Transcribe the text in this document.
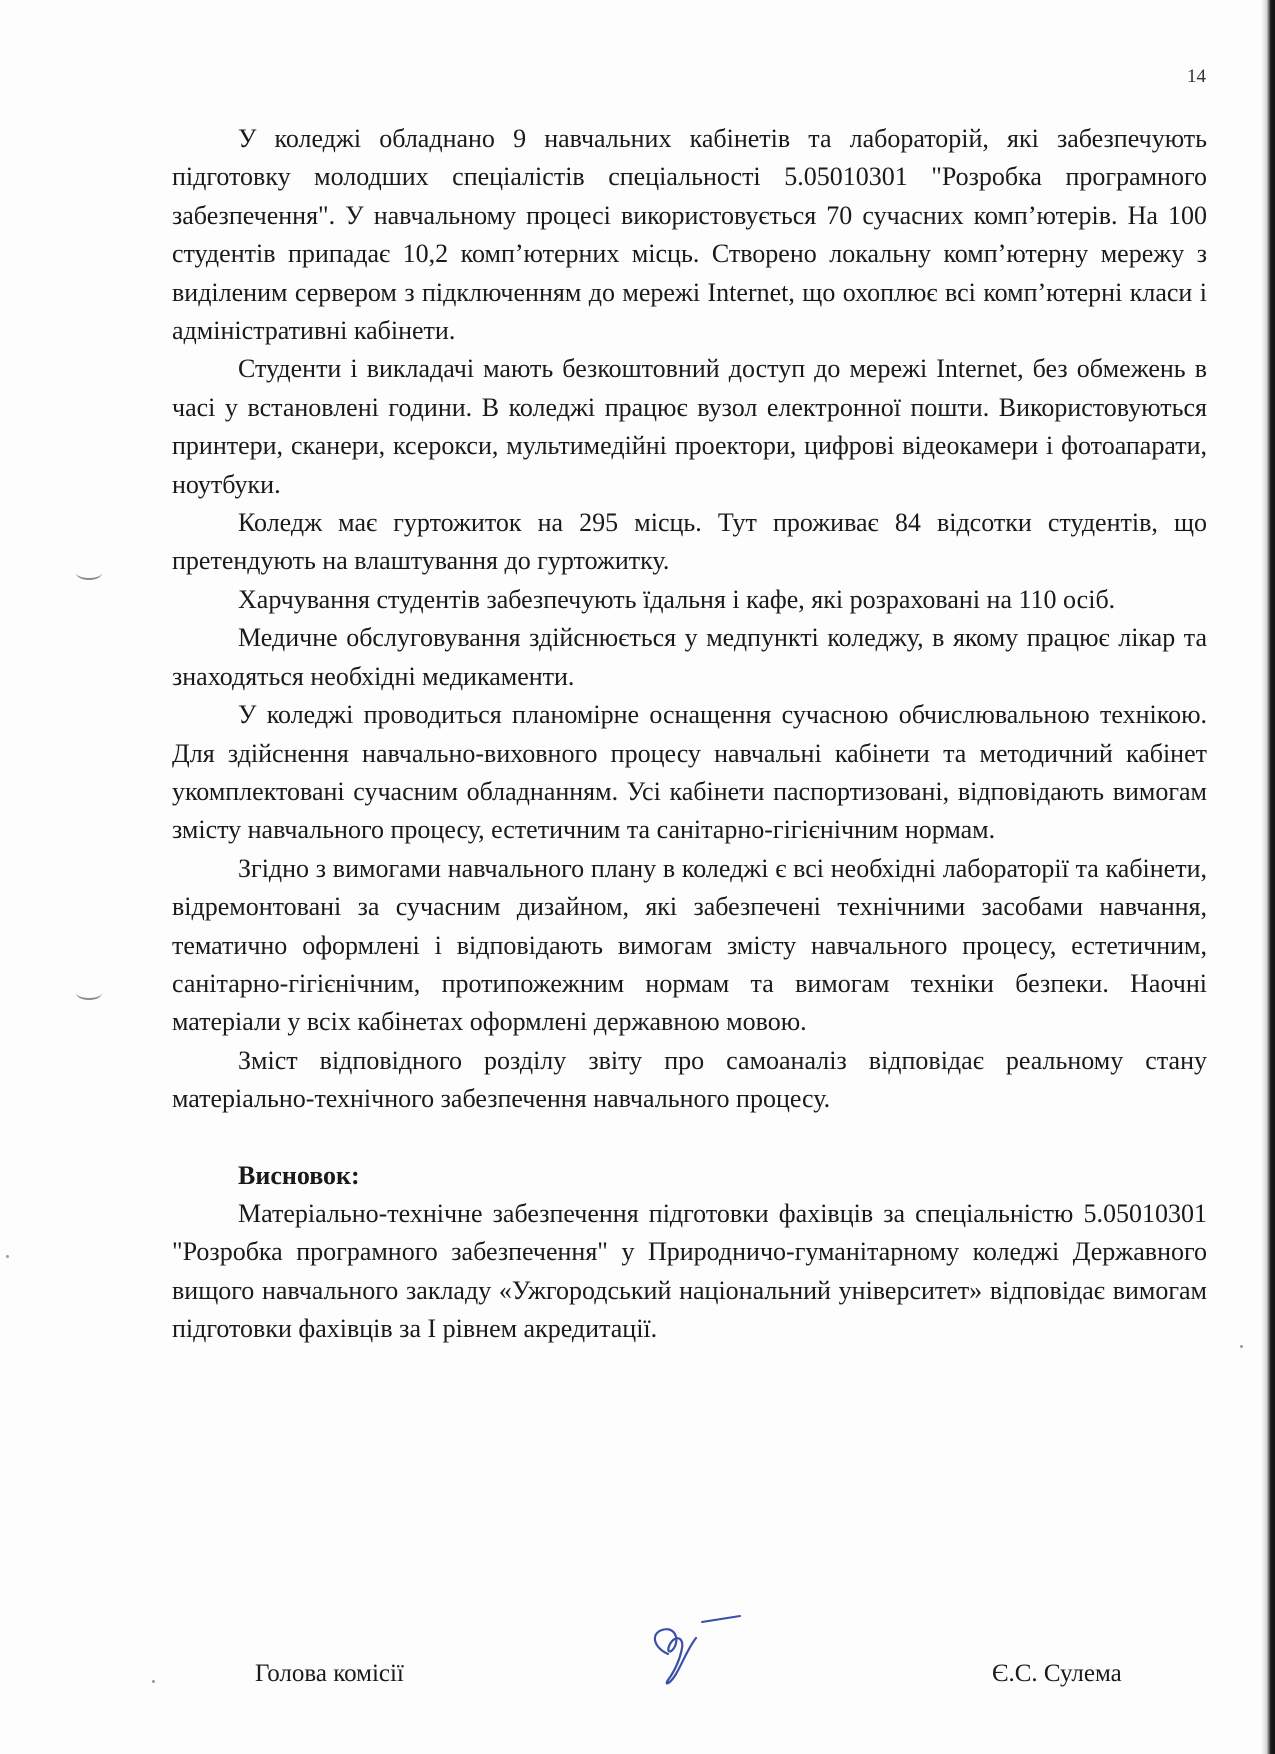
14

У коледжі обладнано 9 навчальних кабінетів та лабораторій, які забезпечують підготовку молодших спеціалістів спеціальності 5.05010301 "Розробка програмного забезпечення". У навчальному процесі використовується 70 сучасних комп’ютерів. На 100 студентів припадає 10,2 комп’ютерних місць. Створено локальну комп’ютерну мережу з виділеним сервером з підключенням до мережі Internet, що охоплює всі комп’ютерні класи і адміністративні кабінети.

Студенти і викладачі мають безкоштовний доступ до мережі Internet, без обмежень в часі у встановлені години. В коледжі працює вузол електронної пошти. Використовуються принтери, сканери, ксерокси, мультимедійні проектори, цифрові відеокамери і фотоапарати, ноутбуки.

Коледж має гуртожиток на 295 місць. Тут проживає 84 відсотки студентів, що претендують на влаштування до гуртожитку.

Харчування студентів забезпечують їдальня і кафе, які розраховані на 110 осіб.

Медичне обслуговування здійснюється у медпункті коледжу, в якому працює лікар та знаходяться необхідні медикаменти.

У коледжі проводиться планомірне оснащення сучасною обчислювальною технікою. Для здійснення навчально-виховного процесу навчальні кабінети та методичний кабінет укомплектовані сучасним обладнанням. Усі кабінети паспортизовані, відповідають вимогам змісту навчального процесу, естетичним та санітарно-гігієнічним нормам.

Згідно з вимогами навчального плану в коледжі є всі необхідні лабораторії та кабінети, відремонтовані за сучасним дизайном, які забезпечені технічними засобами навчання, тематично оформлені і відповідають вимогам змісту навчального процесу, естетичним, санітарно-гігієнічним, протипожежним нормам та вимогам техніки безпеки. Наочні матеріали у всіх кабінетах оформлені державною мовою.

Зміст відповідного розділу звіту про самоаналіз відповідає реальному стану матеріально-технічного забезпечення навчального процесу.

Висновок:

Матеріально-технічне забезпечення підготовки фахівців за спеціальністю 5.05010301 "Розробка програмного забезпечення" у Природничо-гуманітарному коледжі Державного вищого навчального закладу «Ужгородський національний університет» відповідає вимогам підготовки фахівців за І рівнем акредитації.

Голова комісії	Є.С. Сулема
